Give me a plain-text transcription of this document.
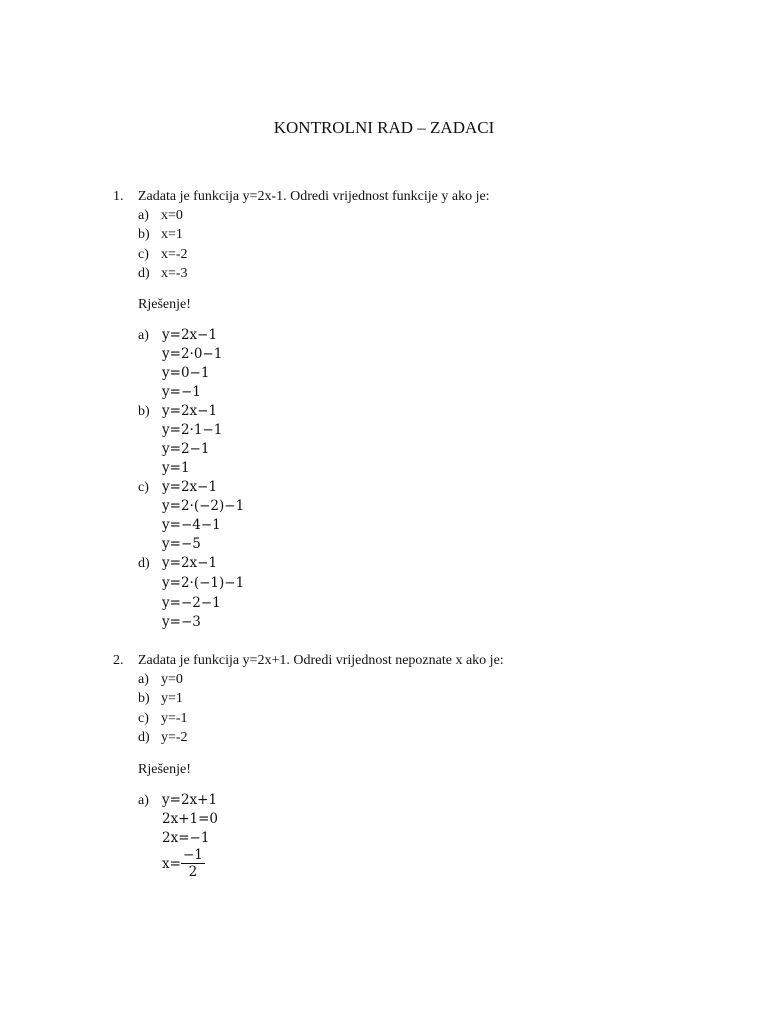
KONTROLNI RAD – ZADACI
1. Zadata je funkcija y=2x-1. Odredi vrijednost funkcije y ako je:
a) x=0
b) x=1
c) x=-2
d) x=-3
Rješenje!
a) y=2x−1
y=2·0−1
y=0−1
y=−1
b) y=2x−1
y=2·1−1
y=2−1
y=1
c) y=2x−1
y=2·(−2)−1
y=−4−1
y=−5
d) y=2x−1
y=2·(−1)−1
y=−2−1
y=−3
2. Zadata je funkcija y=2x+1. Odredi vrijednost nepoznate x ako je:
a) y=0
b) y=1
c) y=-1
d) y=-2
Rješenje!
a) y=2x+1
2x+1=0
2x=−1
$x= \frac{-1}{2}$
